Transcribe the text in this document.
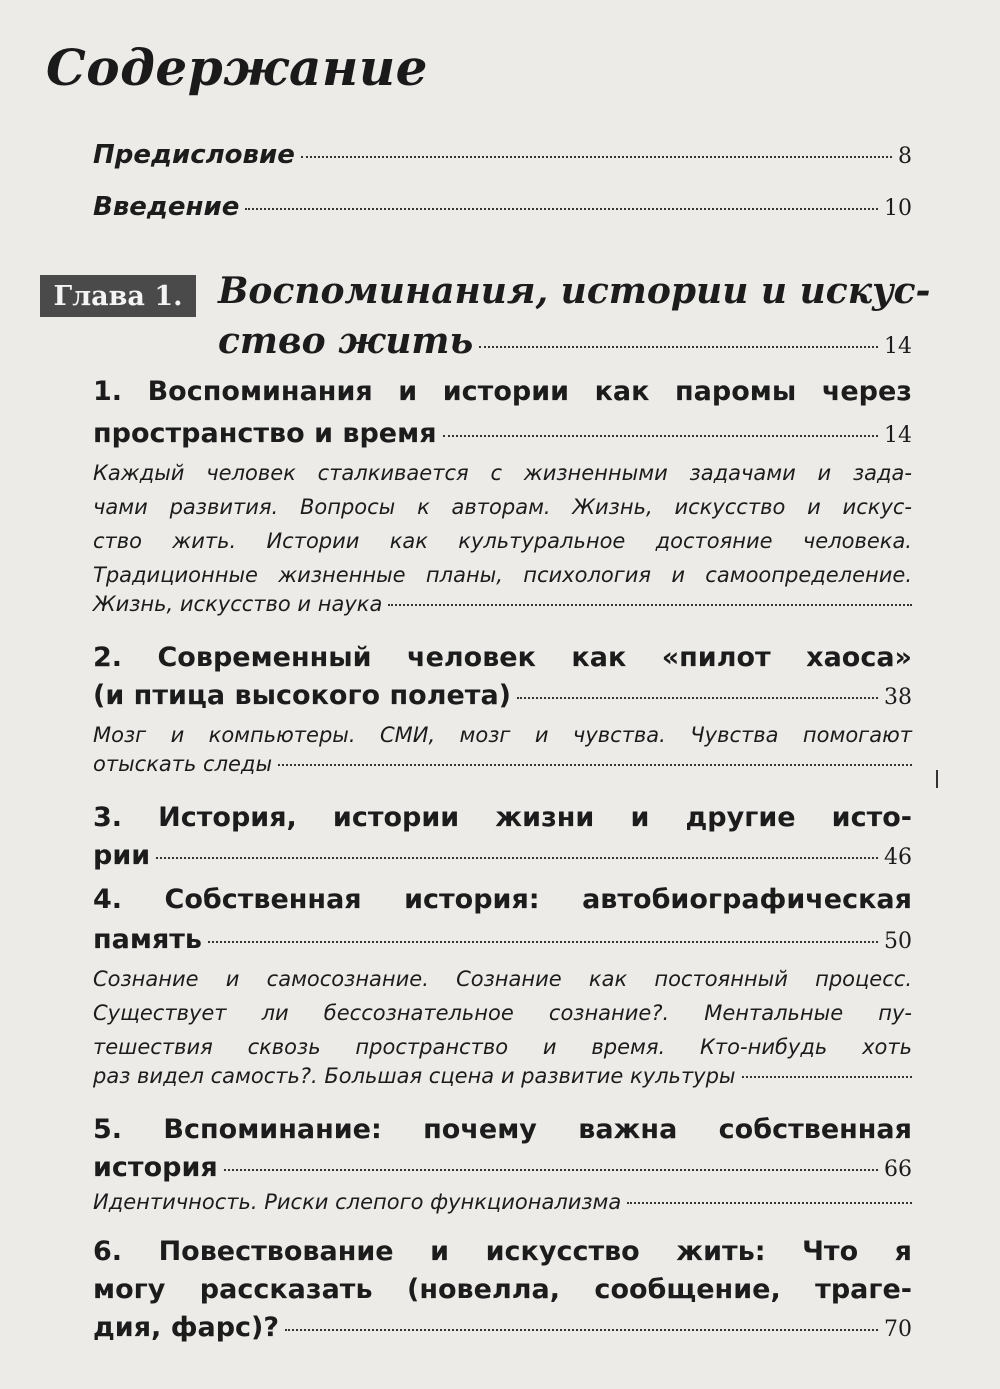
Содержание
Предисловие	8
Введение	10
Глава 1. Воспоминания, истории и искус-
ство жить	14
1. Воспоминания и истории как паромы через
пространство и время	14
Каждый человек сталкивается с жизненными задачами и зада-
чами развития. Вопросы к авторам. Жизнь, искусство и искус-
ство жить. Истории как культуральное достояние человека.
Традиционные жизненные планы, психология и самоопределение.
Жизнь, искусство и наука
2. Современный человек как «пилот хаоса»
(и птица высокого полета)	38
Мозг и компьютеры. СМИ, мозг и чувства. Чувства помогают
отыскать следы
3. История, истории жизни и другие исто-
рии	46
4. Собственная история: автобиографическая
память	50
Сознание и самосознание. Сознание как постоянный процесс.
Существует ли бессознательное сознание?. Ментальные пу-
тешествия сквозь пространство и время. Кто-нибудь хоть
раз видел самость?. Большая сцена и развитие культуры
5. Вспоминание: почему важна собственная
история	66
Идентичность. Риски слепого функционализма
6. Повествование и искусство жить: Что я
могу рассказать (новелла, сообщение, траге-
дия, фарс)?	70
